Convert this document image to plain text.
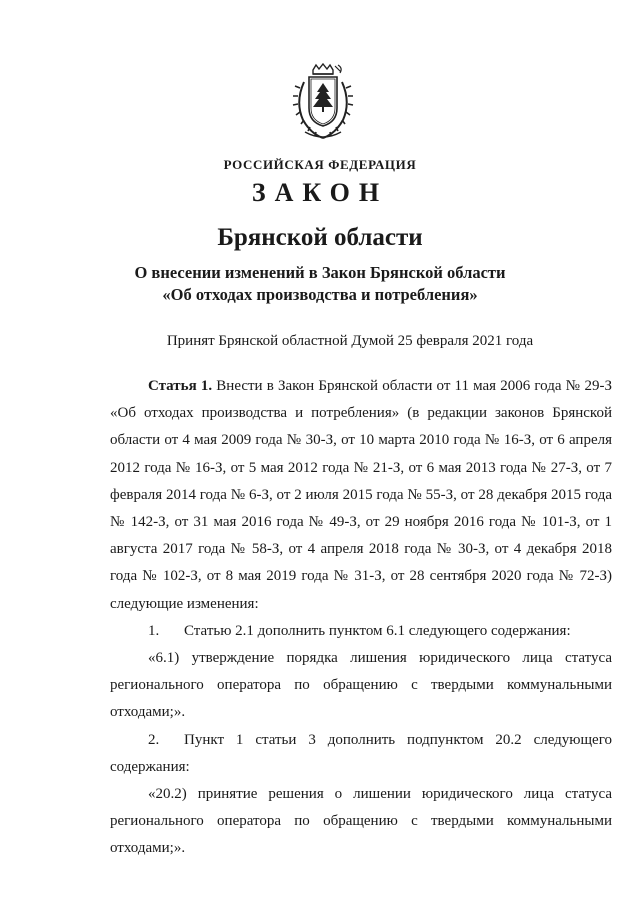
РОССИЙСКАЯ ФЕДЕРАЦИЯ
ЗАКОН
Брянской области
О внесении изменений в Закон Брянской области
«Об отходах производства и потребления»
Принят Брянской областной Думой 25 февраля 2021 года

Статья 1. Внести в Закон Брянской области от 11 мая 2006 года № 29-З «Об отходах производства и потребления» (в редакции законов Брянской области от 4 мая 2009 года № 30-З, от 10 марта 2010 года № 16-З, от 6 апреля 2012 года № 16-З, от 5 мая 2012 года № 21-З, от 6 мая 2013 года № 27-З, от 7 февраля 2014 года № 6-З, от 2 июля 2015 года № 55-З, от 28 декабря 2015 года № 142-З, от 31 мая 2016 года № 49-З, от 29 ноября 2016 года № 101-З, от 1 августа 2017 года № 58-З, от 4 апреля 2018 года № 30-З, от 4 декабря 2018 года № 102-З, от 8 мая 2019 года № 31-З, от 28 сентября 2020 года № 72-З) следующие изменения:

1. Статью 2.1 дополнить пунктом 6.1 следующего содержания:

«6.1) утверждение порядка лишения юридического лица статуса регионального оператора по обращению с твердыми коммунальными отходами;».

2. Пункт 1 статьи 3 дополнить подпунктом 20.2 следующего содержания:

«20.2) принятие решения о лишении юридического лица статуса регионального оператора по обращению с твердыми коммунальными отходами;».
